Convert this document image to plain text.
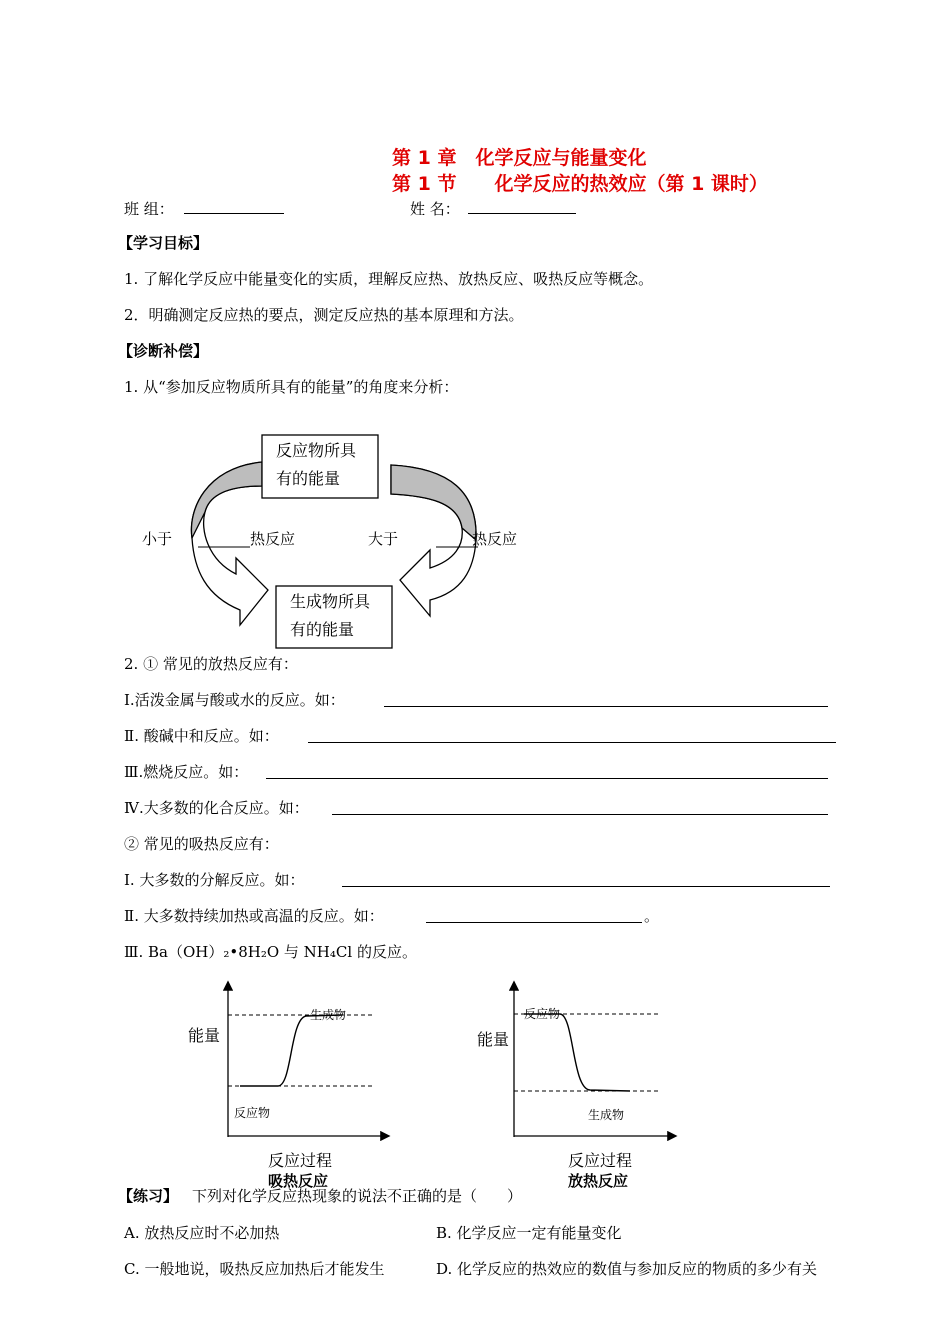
第 1 章　化学反应与能量变化
第 1 节　　化学反应的热效应（第 1 课时）
班 组：	姓 名：
【学习目标】
1. 了解化学反应中能量变化的实质，理解反应热、放热反应、吸热反应等概念。
2．明确测定反应热的要点，测定反应热的基本原理和方法。
【诊断补偿】
1. 从“参加反应物质所具有的能量”的角度来分析：
反应物所具
有的能量
生成物所具
有的能量
小于	热反应	大于	热反应
2. ① 常见的放热反应有：
Ⅰ.活泼金属与酸或水的反应。如：
Ⅱ. 酸碱中和反应。如：
Ⅲ.燃烧反应。如：
Ⅳ.大多数的化合反应。如：
② 常见的吸热反应有：
Ⅰ. 大多数的分解反应。如：
Ⅱ. 大多数持续加热或高温的反应。如：	。
Ⅲ. Ba（OH）₂•8H₂O 与 NH₄Cl 的反应。
能量
生成物
反应物
反应过程
吸热反应
能量
反应物
生成物
反应过程
放热反应
【练习】 下列对化学反应热现象的说法不正确的是（　　）
A. 放热反应时不必加热	B. 化学反应一定有能量变化
C. 一般地说，吸热反应加热后才能发生	D. 化学反应的热效应的数值与参加反应的物质的多少有关
